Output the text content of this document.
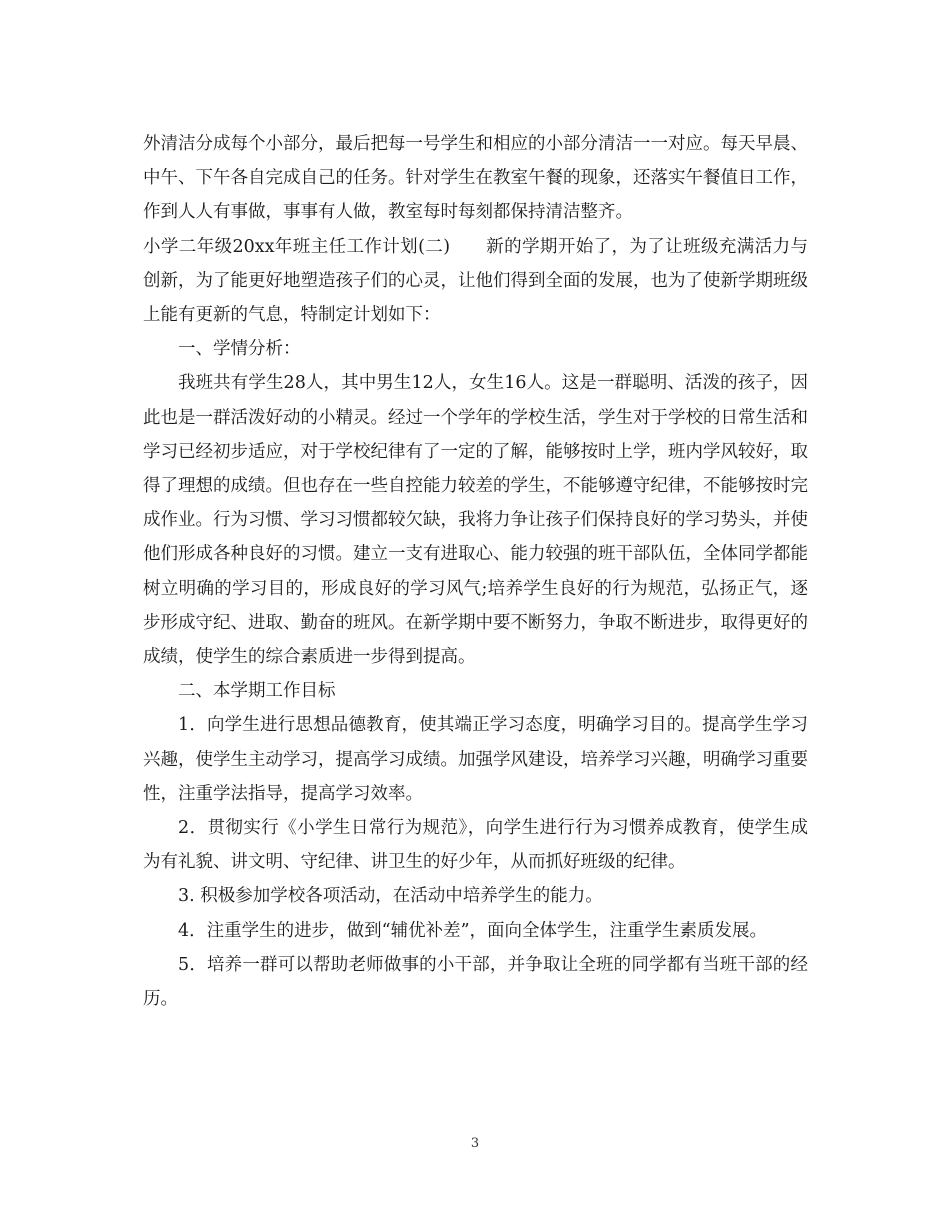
外清洁分成每个小部分，最后把每一号学生和相应的小部分清洁一一对应。每天早晨、中午、下午各自完成自己的任务。针对学生在教室午餐的现象，还落实午餐值日工作，作到人人有事做，事事有人做，教室每时每刻都保持清洁整齐。

小学二年级20xx年班主任工作计划(二)　　新的学期开始了，为了让班级充满活力与创新，为了能更好地塑造孩子们的心灵，让他们得到全面的发展，也为了使新学期班级上能有更新的气息，特制定计划如下：

一、学情分析：

我班共有学生28人，其中男生12人，女生16人。这是一群聪明、活泼的孩子，因此也是一群活泼好动的小精灵。经过一个学年的学校生活，学生对于学校的日常生活和学习已经初步适应，对于学校纪律有了一定的了解，能够按时上学，班内学风较好，取得了理想的成绩。但也存在一些自控能力较差的学生，不能够遵守纪律，不能够按时完成作业。行为习惯、学习习惯都较欠缺，我将力争让孩子们保持良好的学习势头，并使他们形成各种良好的习惯。建立一支有进取心、能力较强的班干部队伍，全体同学都能树立明确的学习目的，形成良好的学习风气;培养学生良好的行为规范，弘扬正气，逐步形成守纪、进取、勤奋的班风。在新学期中要不断努力，争取不断进步，取得更好的成绩，使学生的综合素质进一步得到提高。

二、本学期工作目标

1．向学生进行思想品德教育，使其端正学习态度，明确学习目的。提高学生学习兴趣，使学生主动学习，提高学习成绩。加强学风建设，培养学习兴趣，明确学习重要性，注重学法指导，提高学习效率。

2．贯彻实行《小学生日常行为规范》，向学生进行行为习惯养成教育，使学生成为有礼貌、讲文明、守纪律、讲卫生的好少年，从而抓好班级的纪律。

3. 积极参加学校各项活动，在活动中培养学生的能力。

4．注重学生的进步，做到“辅优补差”，面向全体学生，注重学生素质发展。

5．培养一群可以帮助老师做事的小干部，并争取让全班的同学都有当班干部的经历。

3
